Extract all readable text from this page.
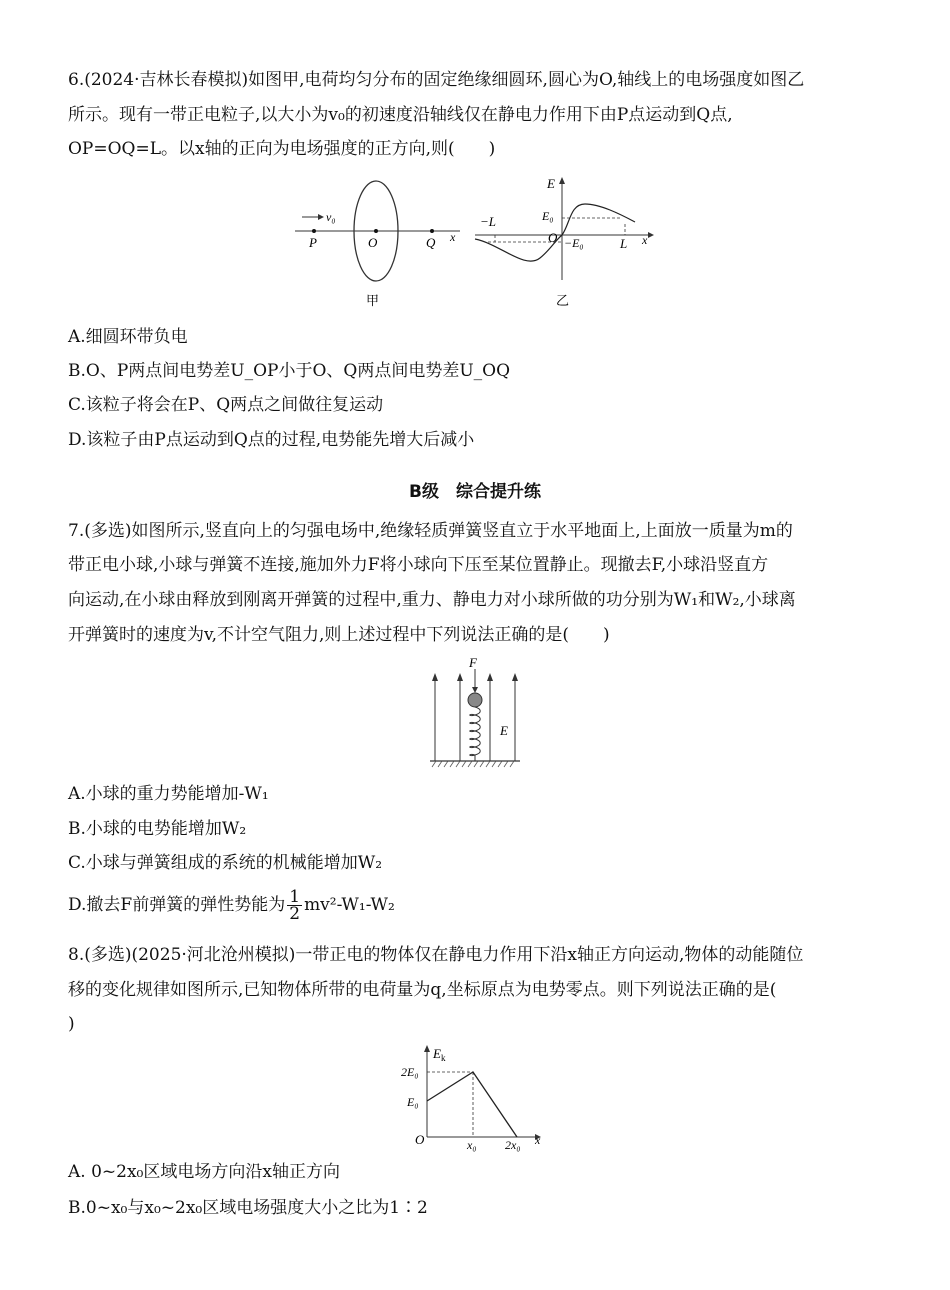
6.(2024·吉林长春模拟)如图甲,电荷均匀分布的固定绝缘细圆环,圆心为O,轴线上的电场强度如图乙
所示。现有一带正电粒子,以大小为v₀的初速度沿轴线仅在静电力作用下由P点运动到Q点,
OP=OQ=L。以x轴的正向为电场强度的正方向,则(　　)
v₀
P	O	Q x
甲
E
E₀
−L
O −E₀	L x
乙
A.细圆环带负电
B.O、P两点间电势差U_OP小于O、Q两点间电势差U_OQ
C.该粒子将会在P、Q两点之间做往复运动
D.该粒子由P点运动到Q点的过程,电势能先增大后减小
B级　综合提升练
7.(多选)如图所示,竖直向上的匀强电场中,绝缘轻质弹簧竖直立于水平地面上,上面放一质量为m的
带正电小球,小球与弹簧不连接,施加外力F将小球向下压至某位置静止。现撤去F,小球沿竖直方
向运动,在小球由释放到刚离开弹簧的过程中,重力、静电力对小球所做的功分别为W₁和W₂,小球离
开弹簧时的速度为v,不计空气阻力,则上述过程中下列说法正确的是(　　)
F
E
A.小球的重力势能增加-W₁
B.小球的电势能增加W₂
C.小球与弹簧组成的系统的机械能增加W₂
D.撤去F前弹簧的弹性势能为 $\frac{1}{2} mv^2-W_1-W_2$
8.(多选)(2025·河北沧州模拟)一带正电的物体仅在静电力作用下沿x轴正方向运动,物体的动能随位
移的变化规律如图所示,已知物体所带的电荷量为q,坐标原点为电势零点。则下列说法正确的是(
)
$E_k$
2E₀
E₀
O	x₀ 2x₀ x
A. 0~2x₀区域电场方向沿x轴正方向
B.0~x₀与x₀~2x₀区域电场强度大小之比为1∶2
